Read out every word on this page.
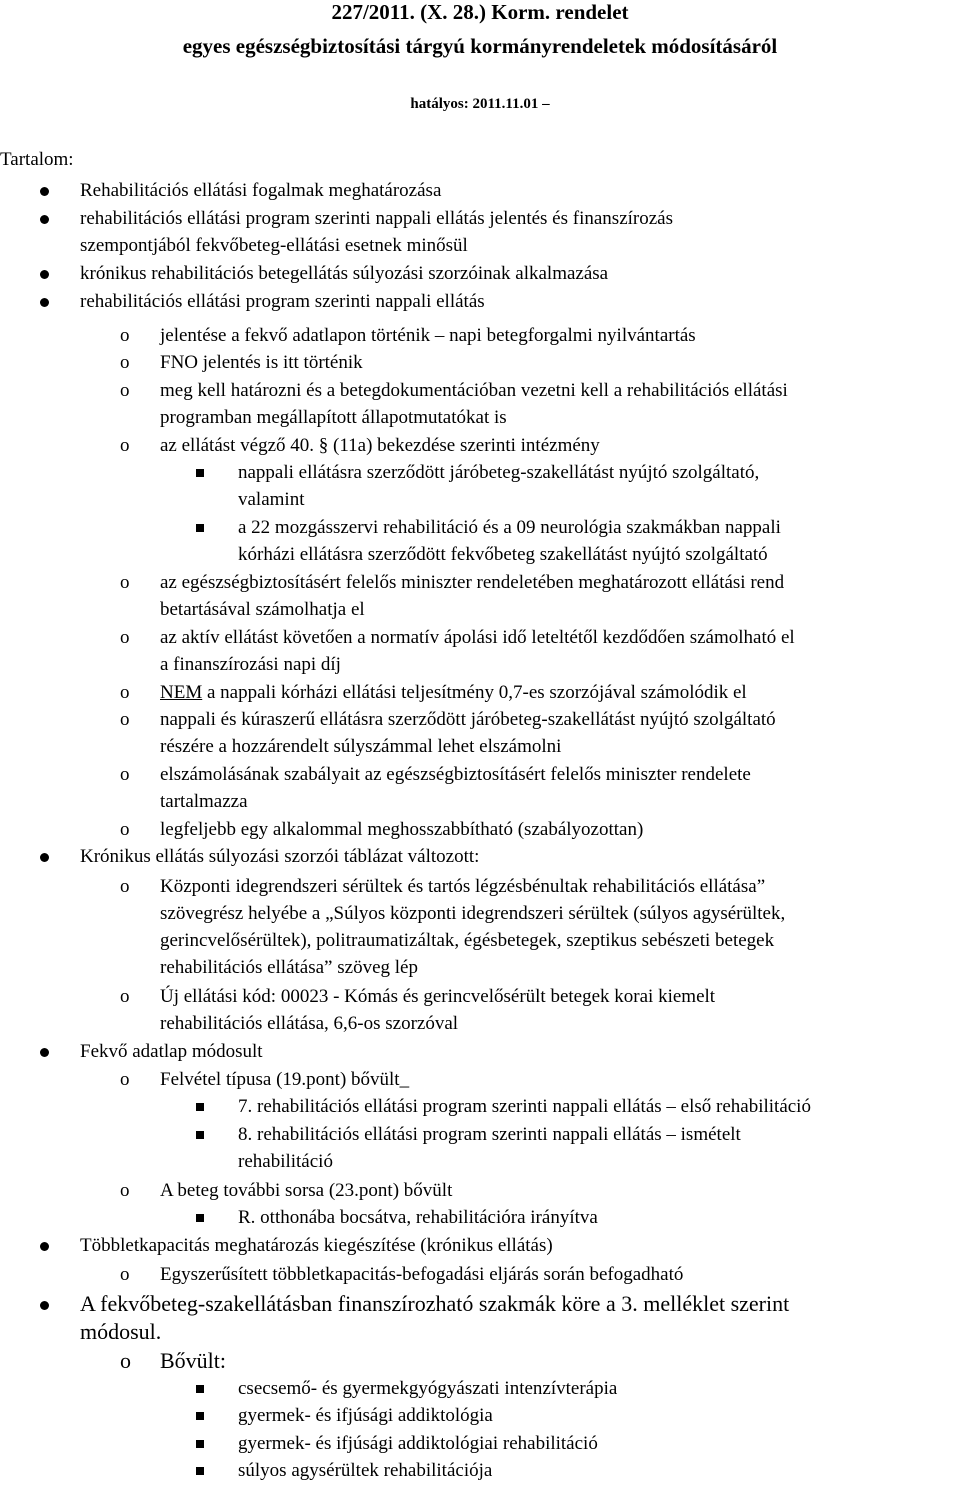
227/2011. (X. 28.) Korm. rendelet
egyes egészségbiztosítási tárgyú kormányrendeletek módosításáról
hatályos: 2011.11.01 –
Tartalom:
Rehabilitációs ellátási fogalmak meghatározása
rehabilitációs ellátási program szerinti nappali ellátás jelentés és finanszírozás
szempontjából fekvőbeteg-ellátási esetnek minősül
krónikus rehabilitációs betegellátás súlyozási szorzóinak alkalmazása
rehabilitációs ellátási program szerinti nappali ellátás
o jelentése a fekvő adatlapon történik – napi betegforgalmi nyilvántartás
o FNO jelentés is itt történik
o meg kell határozni és a betegdokumentációban vezetni kell a rehabilitációs ellátási
programban megállapított állapotmutatókat is
o az ellátást végző 40. § (11a) bekezdése szerinti intézmény
nappali ellátásra szerződött járóbeteg-szakellátást nyújtó szolgáltató,
valamint
a 22 mozgásszervi rehabilitáció és a 09 neurológia szakmákban nappali
kórházi ellátásra szerződött fekvőbeteg szakellátást nyújtó szolgáltató
o az egészségbiztosításért felelős miniszter rendeletében meghatározott ellátási rend
betartásával számolhatja el
o az aktív ellátást követően a normatív ápolási idő leteltétől kezdődően számolható el
a finanszírozási napi díj
o NEM a nappali kórházi ellátási teljesítmény 0,7-es szorzójával számolódik el
o nappali és kúraszerű ellátásra szerződött járóbeteg-szakellátást nyújtó szolgáltató
részére a hozzárendelt súlyszámmal lehet elszámolni
o elszámolásának szabályait az egészségbiztosításért felelős miniszter rendelete
tartalmazza
o legfeljebb egy alkalommal meghosszabbítható (szabályozottan)
Krónikus ellátás súlyozási szorzói táblázat változott:
o Központi idegrendszeri sérültek és tartós légzésbénultak rehabilitációs ellátása”
szövegrész helyébe a „Súlyos központi idegrendszeri sérültek (súlyos agysérültek,
gerincvelősérültek), politraumatizáltak, égésbetegek, szeptikus sebészeti betegek
rehabilitációs ellátása” szöveg lép
o Új ellátási kód: 00023 - Kómás és gerincvelősérült betegek korai kiemelt
rehabilitációs ellátása, 6,6-os szorzóval
Fekvő adatlap módosult
o Felvétel típusa (19.pont) bővült_
7. rehabilitációs ellátási program szerinti nappali ellátás – első rehabilitáció
8. rehabilitációs ellátási program szerinti nappali ellátás – ismételt
rehabilitáció
o A beteg további sorsa (23.pont) bővült
R. otthonába bocsátva, rehabilitációra irányítva
Többletkapacitás meghatározás kiegészítése (krónikus ellátás)
o Egyszerűsített többletkapacitás-befogadási eljárás során befogadható
A fekvőbeteg-szakellátásban finanszírozható szakmák köre a 3. melléklet szerint
módosul.
o Bővült:
csecsemő- és gyermekgyógyászati intenzívterápia
gyermek- és ifjúsági addiktológia
gyermek- és ifjúsági addiktológiai rehabilitáció
súlyos agysérültek rehabilitációja
